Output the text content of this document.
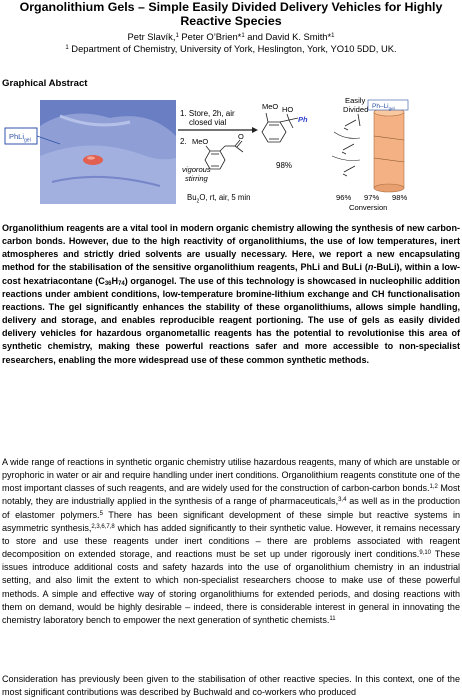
Organolithium Gels – Simple Easily Divided Delivery Vehicles for Highly
Reactive Species
Petr Slavík,$^1$ Peter O’Brien*$^1$ and David K. Smith*$^1$
$^1$ Department of Chemistry, University of York, Heslington, York, YO10 5DD, UK.
Graphical Abstract
PhLi$_{gel}$
1. Store, 2h, air
closed vial
2. MeO
O
vigorous
stirring
$Bu_2O$, rt, air, 5 min
MeO HO
Ph
98%
Easily
Divided $Ph-Li_{gel}$
96% 97% 98%
Conversion
Organolithium reagents are a vital tool in modern organic chemistry allowing the synthesis of new carbon-carbon bonds. However, due to the high reactivity of organolithiums, the use of low temperatures, inert atmospheres and strictly dried solvents are usually necessary. Here, we report a new encapsulating method for the stabilisation of the sensitive organolithium reagents, PhLi and BuLi (n-BuLi), within a low-cost hexatriacontane $(C_{36}H_{74})$ organogel. The use of this technology is showcased in nucleophilic addition reactions under ambient conditions, low-temperature bromine-lithium exchange and CH functionalisation reactions. The gel significantly enhances the stability of these organolithiums, allows simple handling, delivery and storage, and enables reproducible reagent portioning. The use of gels as easily divided delivery vehicles for hazardous organometallic reagents has the potential to revolutionise this area of synthetic chemistry, making these powerful reactions safer and more accessible to non-specialist researchers, enabling the more widespread use of these common synthetic methods.
A wide range of reactions in synthetic organic chemistry utilise hazardous reagents, many of which are unstable or pyrophoric in water or air and require handling under inert conditions. Organolithium reagents constitute one of the most important classes of such reagents, and are widely used for the construction of carbon-carbon bonds.$^{1,2}$ Most notably, they are industrially applied in the synthesis of a range of pharmaceuticals,$^{3,4}$ as well as in the production of elastomer polymers.$^5$ There has been significant development of these simple but reactive systems in asymmetric synthesis,$^{2,3,6,7,8}$ which has added significantly to their synthetic value. However, it remains necessary to store and use these reagents under inert conditions – there are problems associated with reagent decomposition on extended storage, and reactions must be set up under rigorously inert conditions.$^{9,10}$ These issues introduce additional costs and safety hazards into the use of organolithium chemistry in an industrial setting, and also limit the extent to which non-specialist researchers choose to make use of these powerful methods. A simple and effective way of storing organolithiums for extended periods, and dosing reactions with them on demand, would be highly desirable – indeed, there is considerable interest in general in innovating the chemistry laboratory bench to empower the next generation of synthetic chemists.$^{11}$
Consideration has previously been given to the stabilisation of other reactive species. In this context, one of the most significant contributions was described by Buchwald and co-workers who produced
